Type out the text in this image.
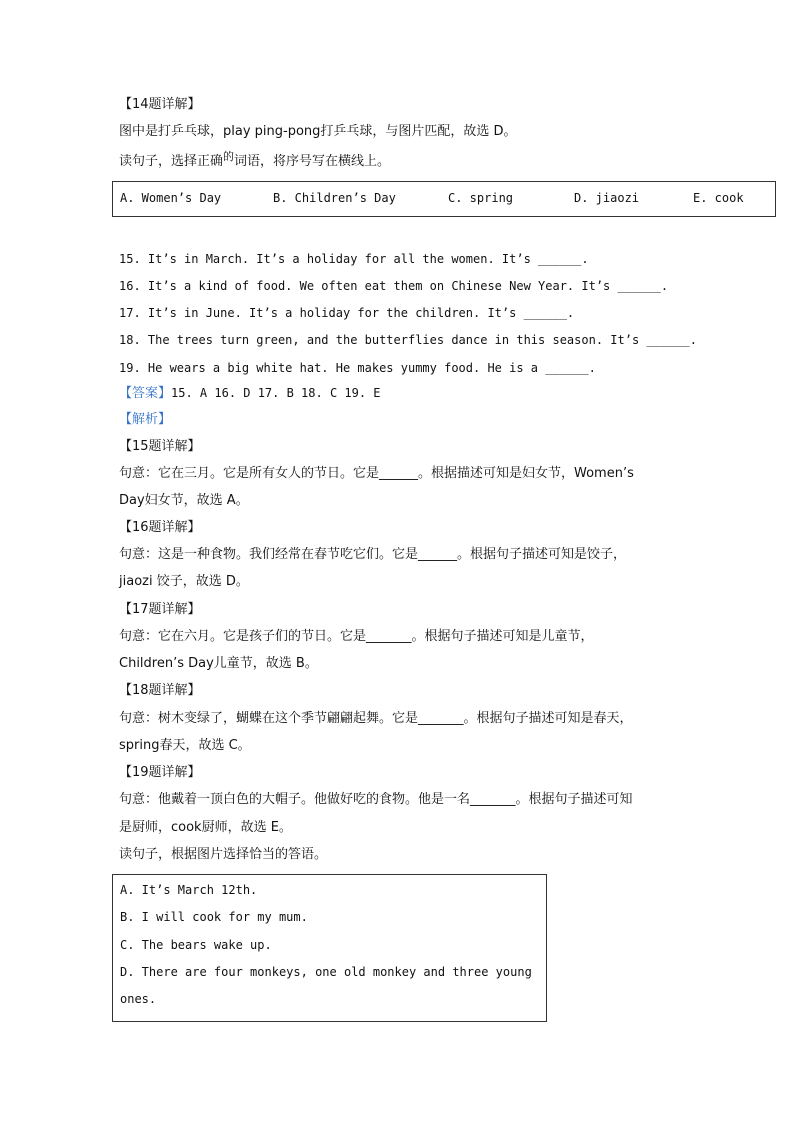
【14题详解】
图中是打乒乓球，play ping-pong打乒乓球，与图片匹配，故选 D。
读句子，选择正确$^的$词语，将序号写在横线上。
A. Women’s Day	B. Children’s Day	C. spring	D. jiaozi	E. cook
15. It’s in March. It’s a holiday for all the women. It’s ______.
16. It’s a kind of food. We often eat them on Chinese New Year. It’s ______.
17. It’s in June. It’s a holiday for the children. It’s ______.
18. The trees turn green, and the butterflies dance in this season. It’s ______.
19. He wears a big white hat. He makes yummy food. He is a ______.
【答案】15. A 16. D 17. B 18. C 19. E
【解析】
【15题详解】
句意：它在三月。它是所有女人的节日。它是______。根据描述可知是妇女节，Women’s
Day妇女节，故选 A。
【16题详解】
句意：这是一种食物。我们经常在春节吃它们。它是______。根据句子描述可知是饺子，
jiaozi 饺子，故选 D。
【17题详解】
句意：它在六月。它是孩子们的节日。它是_______。根据句子描述可知是儿童节，
Children’s Day儿童节，故选 B。
【18题详解】
句意：树木变绿了，蝴蝶在这个季节翩翩起舞。它是_______。根据句子描述可知是春天，
spring春天，故选 C。
【19题详解】
句意：他戴着一顶白色的大帽子。他做好吃的食物。他是一名_______。根据句子描述可知
是厨师，cook厨师，故选 E。
读句子，根据图片选择恰当的答语。
A. It’s March 12th.
B. I will cook for my mum.
C. The bears wake up.
D. There are four monkeys, one old monkey and three young
ones.
